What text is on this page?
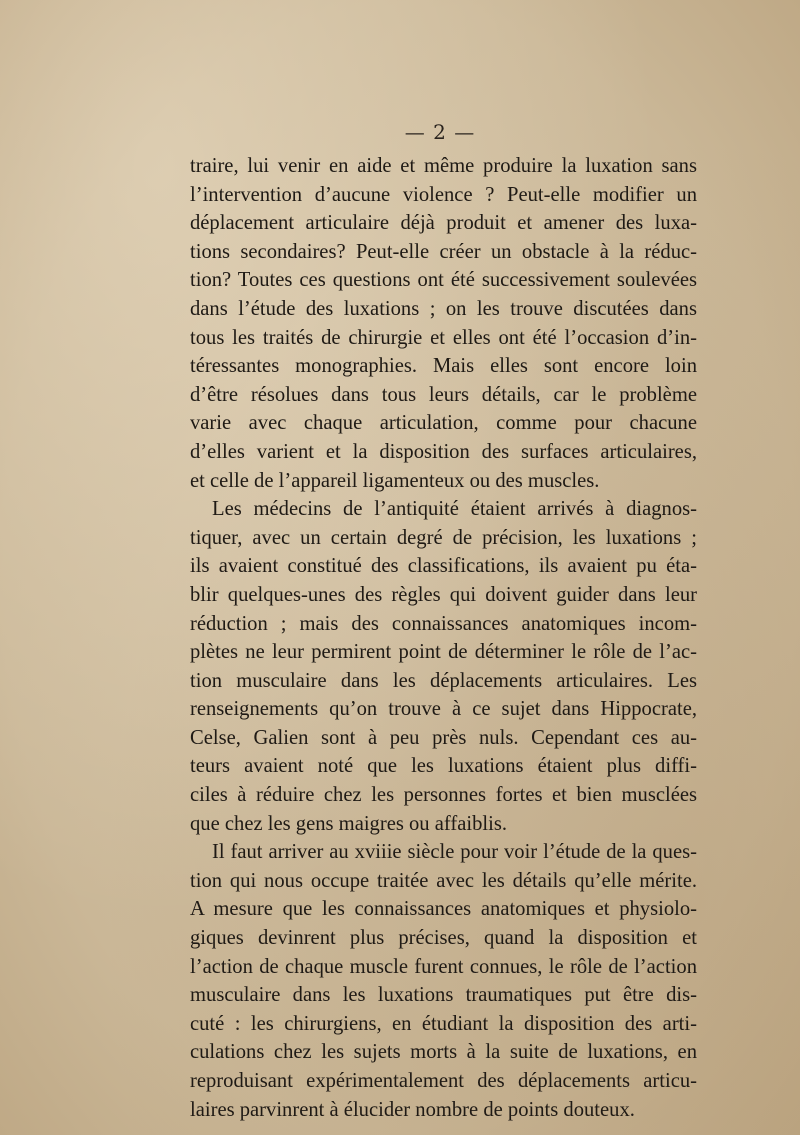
— 2 —
traire, lui venir en aide et même produire la luxation sans
l’intervention d’aucune violence ? Peut-elle modifier un
déplacement articulaire déjà produit et amener des luxa-
tions secondaires? Peut-elle créer un obstacle à la réduc-
tion? Toutes ces questions ont été successivement soulevées
dans l’étude des luxations ; on les trouve discutées dans
tous les traités de chirurgie et elles ont été l’occasion d’in-
téressantes monographies. Mais elles sont encore loin
d’être résolues dans tous leurs détails, car le problème
varie avec chaque articulation, comme pour chacune
d’elles varient et la disposition des surfaces articulaires,
et celle de l’appareil ligamenteux ou des muscles.
Les médecins de l’antiquité étaient arrivés à diagnos-
tiquer, avec un certain degré de précision, les luxations ;
ils avaient constitué des classifications, ils avaient pu éta-
blir quelques-unes des règles qui doivent guider dans leur
réduction ; mais des connaissances anatomiques incom-
plètes ne leur permirent point de déterminer le rôle de l’ac-
tion musculaire dans les déplacements articulaires. Les
renseignements qu’on trouve à ce sujet dans Hippocrate,
Celse, Galien sont à peu près nuls. Cependant ces au-
teurs avaient noté que les luxations étaient plus diffi-
ciles à réduire chez les personnes fortes et bien musclées
que chez les gens maigres ou affaiblis.
Il faut arriver au xviiie siècle pour voir l’étude de la ques-
tion qui nous occupe traitée avec les détails qu’elle mérite.
A mesure que les connaissances anatomiques et physiolo-
giques devinrent plus précises, quand la disposition et
l’action de chaque muscle furent connues, le rôle de l’action
musculaire dans les luxations traumatiques put être dis-
cuté : les chirurgiens, en étudiant la disposition des arti-
culations chez les sujets morts à la suite de luxations, en
reproduisant expérimentalement des déplacements articu-
laires parvinrent à élucider nombre de points douteux.
